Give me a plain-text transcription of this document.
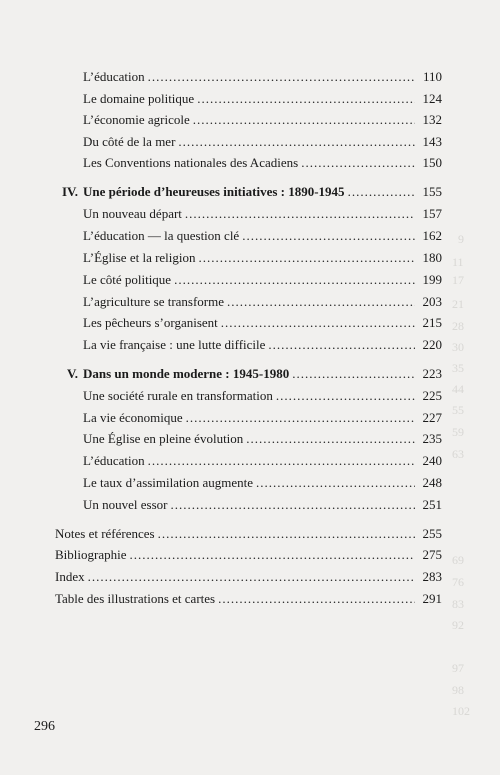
9
11
17
21
28
30
35
44
55
59
63
69
76
83
92
97
98
102
L’éducation .....	110
Le domaine politique .....	124
L’économie agricole .....	132
Du côté de la mer .....	143
Les Conventions nationales des Acadiens .....	150
IV. Une période d’heureuses initiatives : 1890-1945 .....	155
Un nouveau départ .....	157
L’éducation — la question clé .....	162
L’Église et la religion .....	180
Le côté politique .....	199
L’agriculture se transforme .....	203
Les pêcheurs s’organisent .....	215
La vie française : une lutte difficile .....	220
V. Dans un monde moderne : 1945-1980 .....	223
Une société rurale en transformation .....	225
La vie économique .....	227
Une Église en pleine évolution .....	235
L’éducation .....	240
Le taux d’assimilation augmente .....	248
Un nouvel essor .....	251
Notes et références .....	255
Bibliographie .....	275
Index .....	283
Table des illustrations et cartes .....	291
296
